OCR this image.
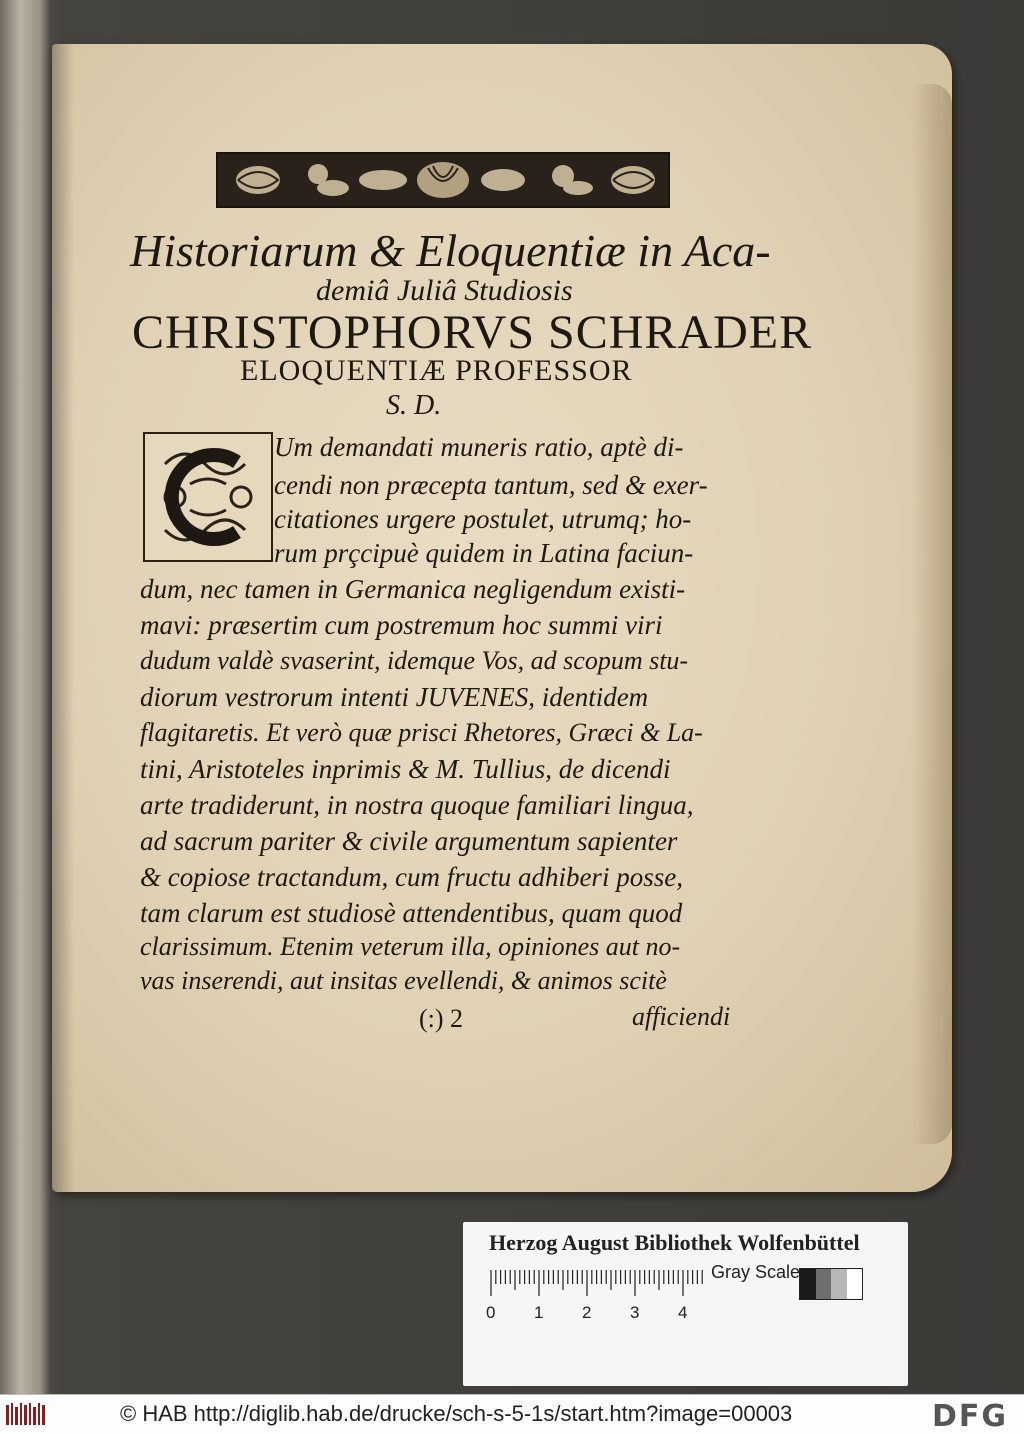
Historiarum & Eloquentiæ in Aca-
demiâ Juliâ Studiosis
CHRISTOPHORVS SCHRADER
ELOQUENTIÆ PROFESSOR
S. D.
Um demandati muneris ratio, aptè di-
cendi non præcepta tantum, sed & exer-
citationes urgere postulet, utrumq; ho-
rum prçcipuè quidem in Latina faciun-
dum, nec tamen in Germanica negligendum existi-
mavi: præsertim cum postremum hoc summi viri
dudum valdè svaserint, idemque Vos, ad scopum stu-
diorum vestrorum intenti JUVENES, identidem
flagitaretis. Et verò quæ prisci Rhetores, Græci & La-
tini, Aristoteles inprimis & M. Tullius, de dicendi
arte tradiderunt, in nostra quoque familiari lingua,
ad sacrum pariter & civile argumentum sapienter
& copiose tractandum, cum fructu adhiberi posse,
tam clarum est studiosè attendentibus, quam quod
clarissimum. Etenim veterum illa, opiniones aut no-
(:) 2	afficiendi
Herzog August Bibliothek Wolfenbüttel
0 1 2 3 4
Gray Scale
© HAB http://diglib.hab.de/drucke/sch-s-5-1s/start.htm?image=00003	DFG
vas inserendi, aut insitas evellendi, & animos scitè
